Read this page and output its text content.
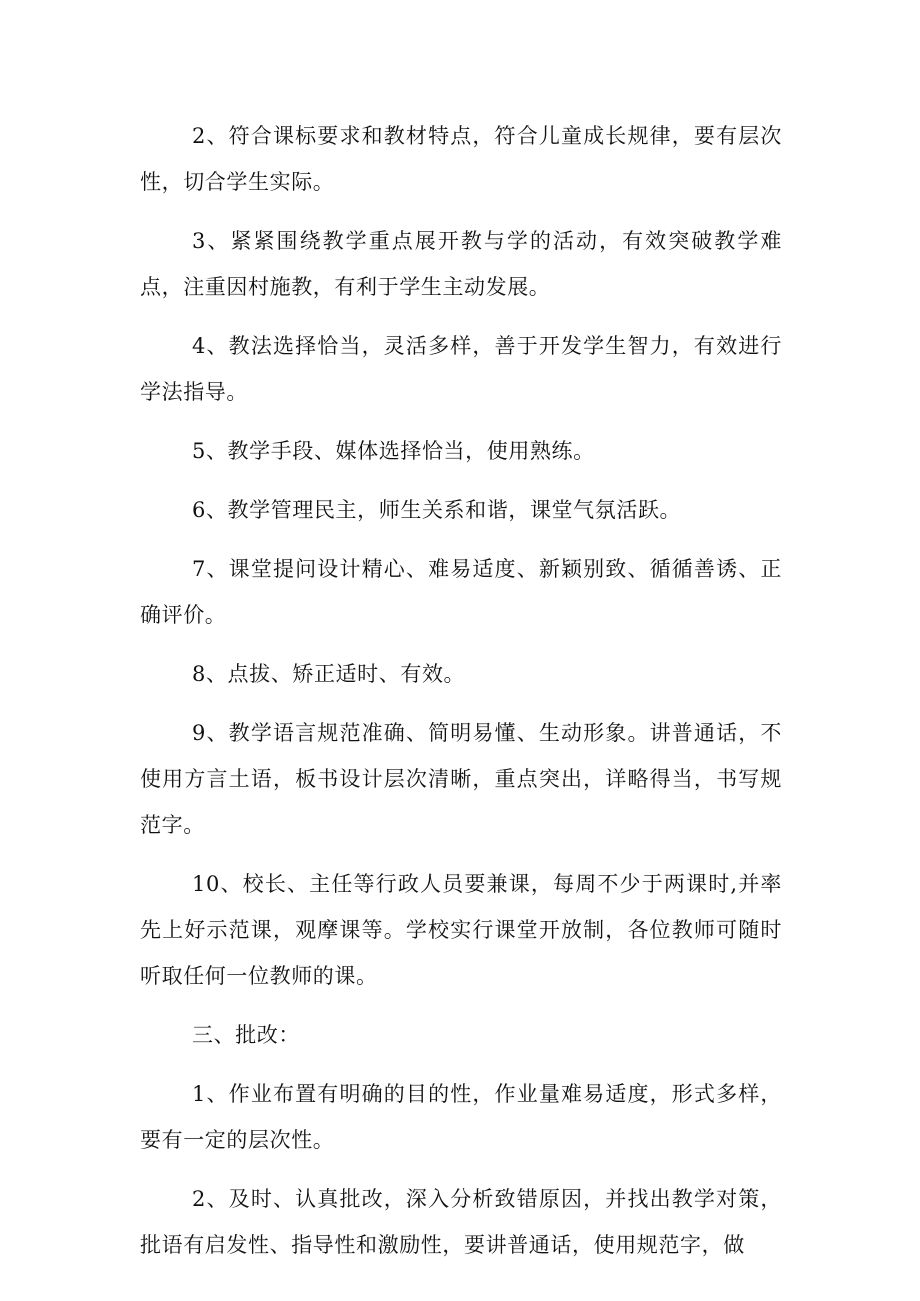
2、符合课标要求和教材特点，符合儿童成长规律，要有层次性，切合学生实际。

3、紧紧围绕教学重点展开教与学的活动，有效突破教学难点，注重因村施教，有利于学生主动发展。

4、教法选择恰当，灵活多样，善于开发学生智力，有效进行学法指导。

5、教学手段、媒体选择恰当，使用熟练。

6、教学管理民主，师生关系和谐，课堂气氛活跃。

7、课堂提问设计精心、难易适度、新颖别致、循循善诱、正确评价。

8、点拔、矫正适时、有效。

9、教学语言规范准确、简明易懂、生动形象。讲普通话，不使用方言土语，板书设计层次清晰，重点突出，详略得当，书写规范字。

10、校长、主任等行政人员要兼课，每周不少于两课时,并率先上好示范课，观摩课等。学校实行课堂开放制，各位教师可随时听取任何一位教师的课。

三、批改：

1、作业布置有明确的目的性，作业量难易适度，形式多样，要有一定的层次性。

2、及时、认真批改，深入分析致错原因，并找出教学对策，批语有启发性、指导性和激励性，要讲普通话，使用规范字，做
